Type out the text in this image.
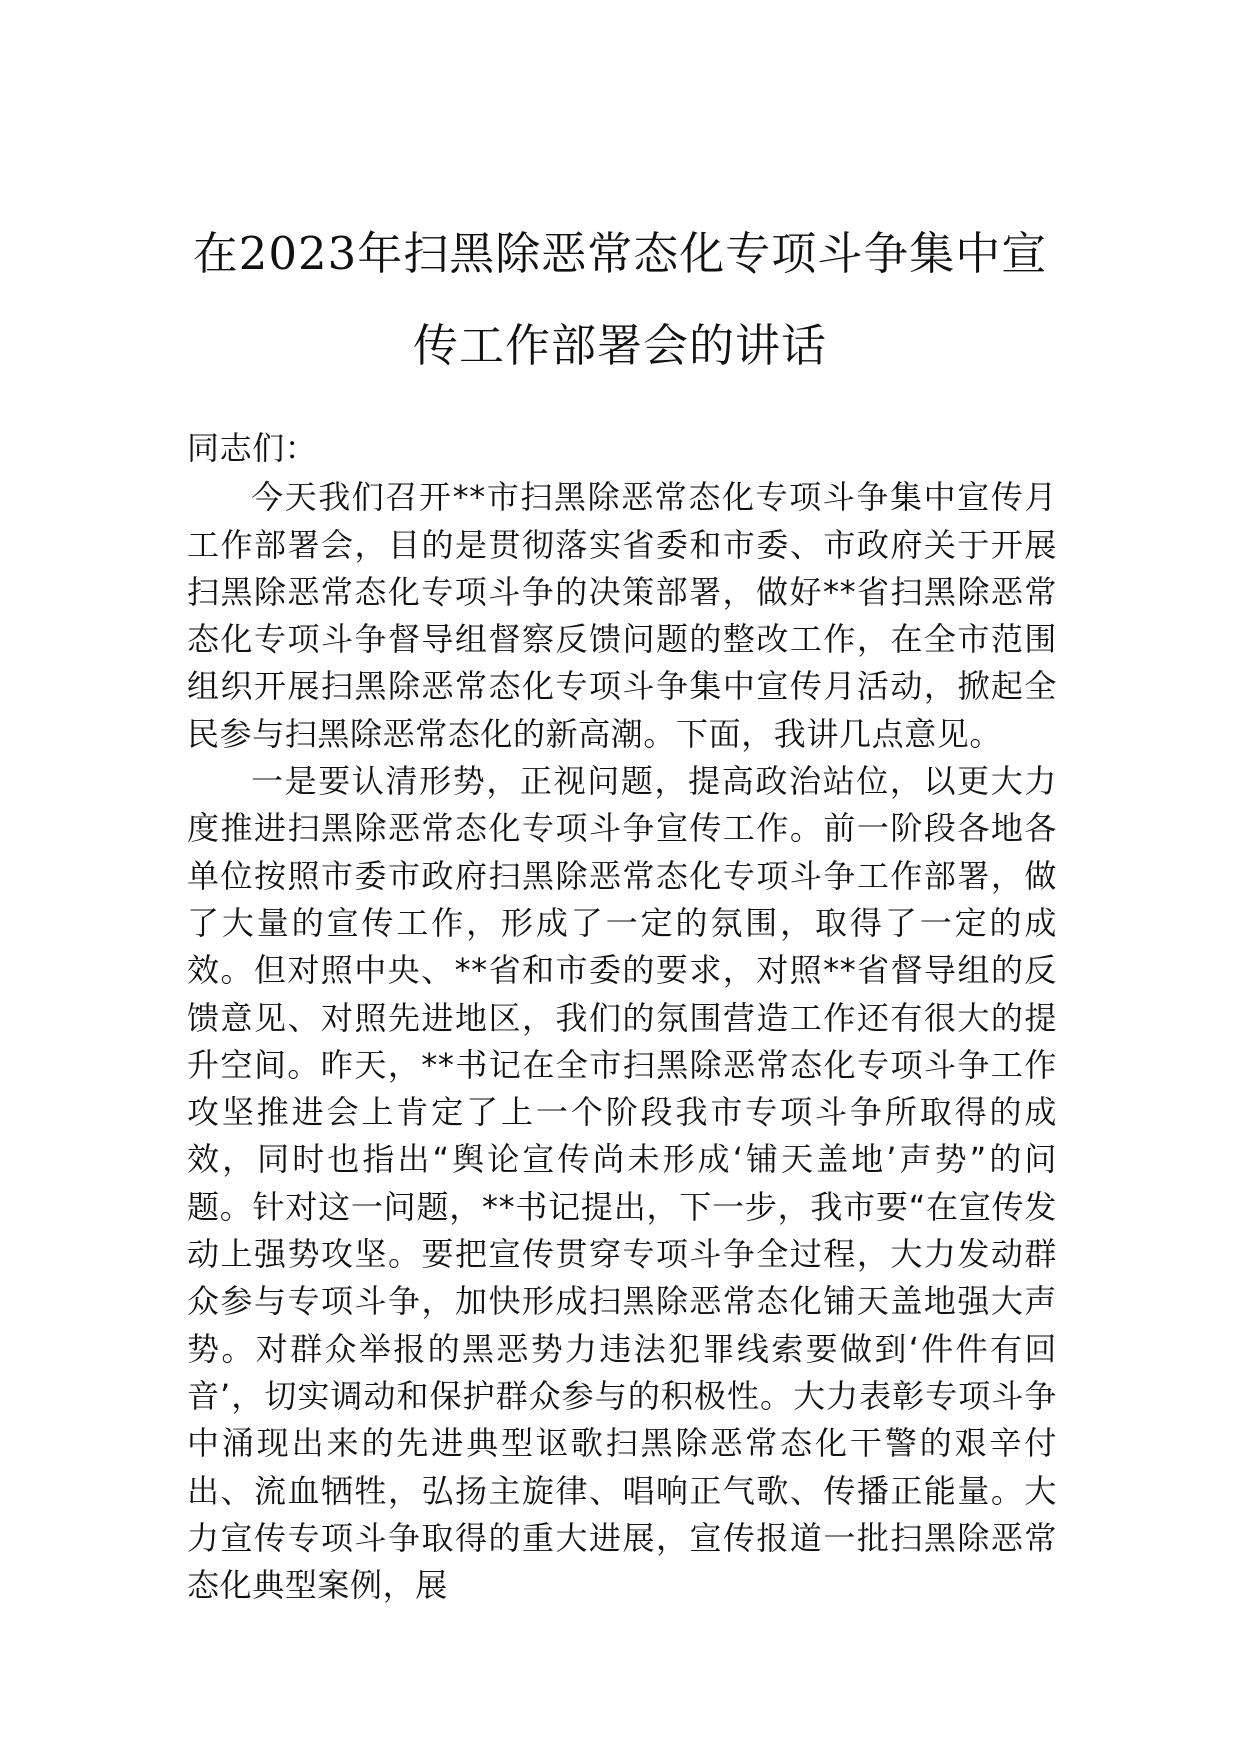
在2023年扫黑除恶常态化专项斗争集中宣
传工作部署会的讲话

同志们：

今天我们召开**市扫黑除恶常态化专项斗争集中宣传月工作部署会，目的是贯彻落实省委和市委、市政府关于开展扫黑除恶常态化专项斗争的决策部署，做好**省扫黑除恶常态化专项斗争督导组督察反馈问题的整改工作，在全市范围组织开展扫黑除恶常态化专项斗争集中宣传月活动，掀起全民参与扫黑除恶常态化的新高潮。下面，我讲几点意见。

一是要认清形势，正视问题，提高政治站位，以更大力度推进扫黑除恶常态化专项斗争宣传工作。前一阶段各地各单位按照市委市政府扫黑除恶常态化专项斗争工作部署，做了大量的宣传工作，形成了一定的氛围，取得了一定的成效。但对照中央、**省和市委的要求，对照**省督导组的反馈意见、对照先进地区，我们的氛围营造工作还有很大的提升空间。昨天，**书记在全市扫黑除恶常态化专项斗争工作攻坚推进会上肯定了上一个阶段我市专项斗争所取得的成效，同时也指出“舆论宣传尚未形成‘铺天盖地’声势”的问题。针对这一问题，**书记提出，下一步，我市要“在宣传发动上强势攻坚。要把宣传贯穿专项斗争全过程，大力发动群众参与专项斗争，加快形成扫黑除恶常态化铺天盖地强大声势。对群众举报的黑恶势力违法犯罪线索要做到‘件件有回音’，切实调动和保护群众参与的积极性。大力表彰专项斗争中涌现出来的先进典型讴歌扫黑除恶常态化干警的艰辛付出、流血牺牲，弘扬主旋律、唱响正气歌、传播正能量。大力宣传专项斗争取得的重大进展，宣传报道一批扫黑除恶常态化典型案例，展
